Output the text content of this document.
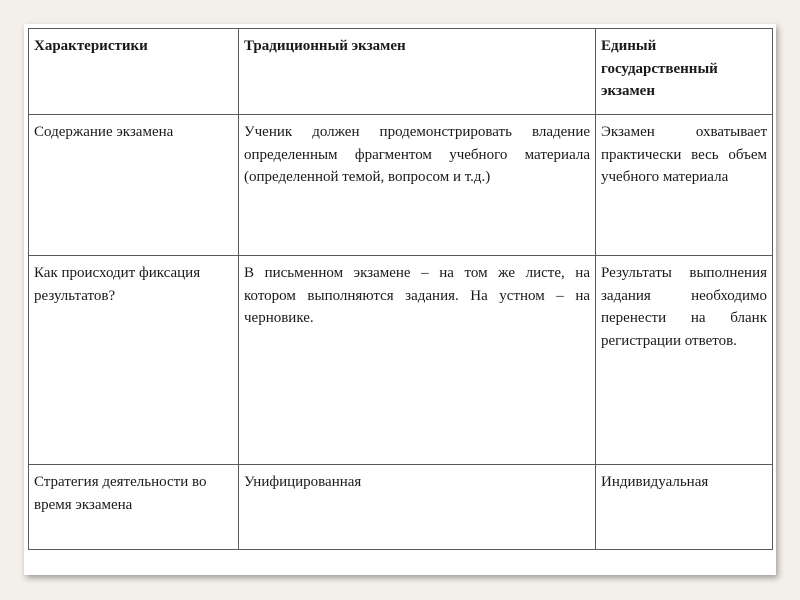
Характеристики	Традиционный экзамен	Единый государственный экзамен
Содержание экзамена	Ученик должен продемонстрировать владение определенным фрагментом учебного материала (определенной темой, вопросом и т.д.)	Экзамен охватывает практически весь объем учебного материала
Как происходит фиксация результатов?	В письменном экзамене – на том же листе, на котором выполняются задания. На устном – на черновике.	Результаты выполнения задания необходимо перенести на бланк регистрации ответов.
Стратегия деятельности во время экзамена	Унифицированная	Индивидуальная
